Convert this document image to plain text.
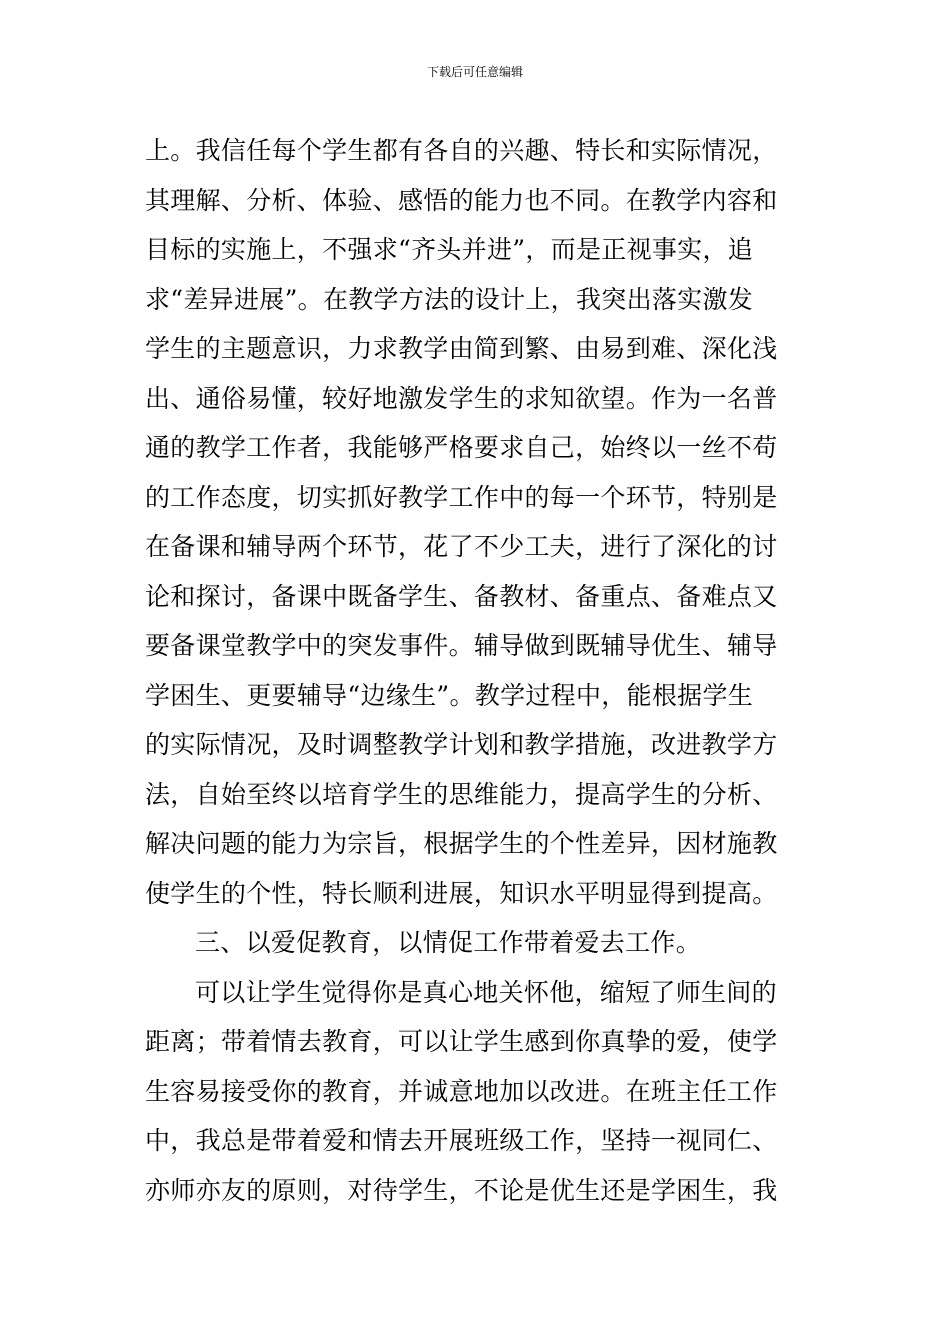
下载后可任意编辑
上。我信任每个学生都有各自的兴趣、特长和实际情况，
其理解、分析、体验、感悟的能力也不同。在教学内容和
目标的实施上，不强求“齐头并进”，而是正视事实，追
求“差异进展”。在教学方法的设计上，我突出落实激发
学生的主题意识，力求教学由简到繁、由易到难、深化浅
出、通俗易懂，较好地激发学生的求知欲望。作为一名普
通的教学工作者，我能够严格要求自己，始终以一丝不苟
的工作态度，切实抓好教学工作中的每一个环节，特别是
在备课和辅导两个环节，花了不少工夫，进行了深化的讨
论和探讨，备课中既备学生、备教材、备重点、备难点又
要备课堂教学中的突发事件。辅导做到既辅导优生、辅导
学困生、更要辅导“边缘生”。教学过程中，能根据学生
的实际情况，及时调整教学计划和教学措施，改进教学方
法，自始至终以培育学生的思维能力，提高学生的分析、
解决问题的能力为宗旨，根据学生的个性差异，因材施教
使学生的个性，特长顺利进展，知识水平明显得到提高。
三、以爱促教育，以情促工作带着爱去工作。
可以让学生觉得你是真心地关怀他，缩短了师生间的
距离；带着情去教育，可以让学生感到你真挚的爱，使学
生容易接受你的教育，并诚意地加以改进。在班主任工作
中，我总是带着爱和情去开展班级工作，坚持一视同仁、
亦师亦友的原则，对待学生，不论是优生还是学困生，我
